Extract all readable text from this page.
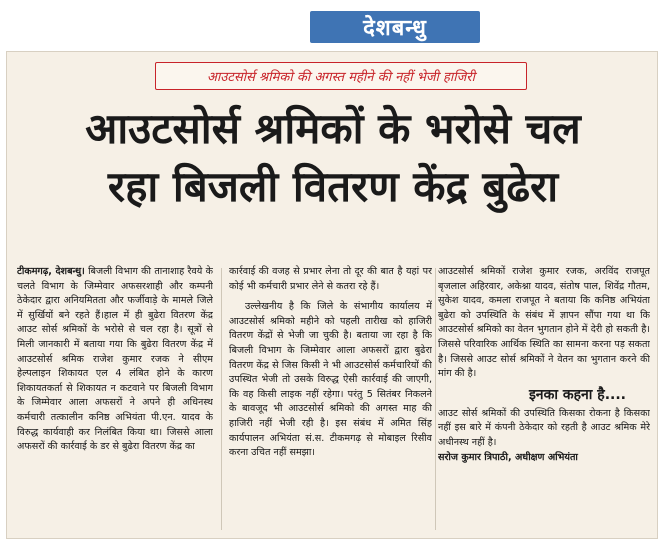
देशबन्धु
आउटसोर्स श्रमिको की अगस्त महीने की नहीं भेजी हाजिरी
आउटसोर्स श्रमिकों के भरोसे चल
रहा बिजली वितरण केंद्र बुढेरा

टीकमगढ़, देशबन्धु। बिजली विभाग की तानाशाह रैवये के चलते विभाग के जिम्मेवार अफसरशाही और कम्पनी ठेकेदार द्वारा अनियमितता और फर्जीवाड़े के मामले जिले में सुर्खियों बने रहते हैं।हाल में ही बुढेरा वितरण केंद्र आउट सोर्स श्रमिकों के भरोसे से चल रहा है। सूत्रों से मिली जानकारी में बताया गया कि बुढेरा वितरण केंद्र में आउटसोर्स श्रमिक राजेश कुमार रजक ने सीएम हेल्पलाइन शिकायत एल 4 लंबित होने के कारण शिकायतकर्ता से शिकायत न कटवाने पर बिजली विभाग के जिम्मेवार आला अफसरों ने अपने ही अधिनस्थ कर्मचारी तत्कालीन कनिष्ठ अभियंता पी.एन. यादव के विरुद्ध कार्यवाही कर निलंबित किया था। जिससे आला अफसरों की कार्रवाई के डर से बुढेरा वितरण केंद्र का

कार्रवाई की वजह से प्रभार लेना तो दूर की बात है यहां पर कोई भी कर्मचारी प्रभार लेने से कतरा रहे हैं।

उल्लेखनीय है कि जिले के संभागीय कार्यालय में आउटसोर्स श्रमिको महीने को पहली तारीख को हाजिरी वितरण केंद्रों से भेजी जा चुकी है। बताया जा रहा है कि बिजली विभाग के जिम्मेवार आला अफसरों द्वारा बुढेरा वितरण केंद्र से जिस किसी ने भी आउटसोर्स कर्मचारियों की उपस्थित भेजी तो उसके विरुद्ध ऐसी कार्रवाई की जाएगी, कि वह किसी लाइक नहीं रहेगा। परंतु 5 सितंबर निकलने के बावजूद भी आउटसोर्स श्रमिको की अगस्त माह की हाजिरी नहीं भेजी रही है। इस संबंध में अमित सिंह कार्यपालन अभियंता सं.स. टीकमगढ़ से मोबाइल रिसीव करना उचित नहीं समझा।

आउटसोर्स श्रमिकों राजेश कुमार रजक, अरविंद राजपूत बृजलाल अहिरवार, अकेश्ना यादव, संतोष पाल, शिवेंद्र गौतम, सुकेश यादव, कमला राजपूत ने बताया कि कनिष्ठ अभियंता बुढेरा को उपस्थिति के संबंध में ज्ञापन सौंपा गया था कि आउटसोर्स श्रमिको का वेतन भुगतान होने में देरी हो सकती है। जिससे परिवारिक आर्थिक स्थिति का सामना करना पड़ सकता है। जिससे आउट सोर्स श्रमिकों ने वेतन का भुगतान करने की मांग की है।

इनका कहना है....

आउट सोर्स श्रमिकों की उपस्थिति किसका रोकना है किसका नहीं इस बारे में कंपनी ठेकेदार को रहती है आउट श्रमिक मेरे अधीनस्थ नहीं है।

सरोज कुमार त्रिपाठी, अधीक्षण अभियंता
